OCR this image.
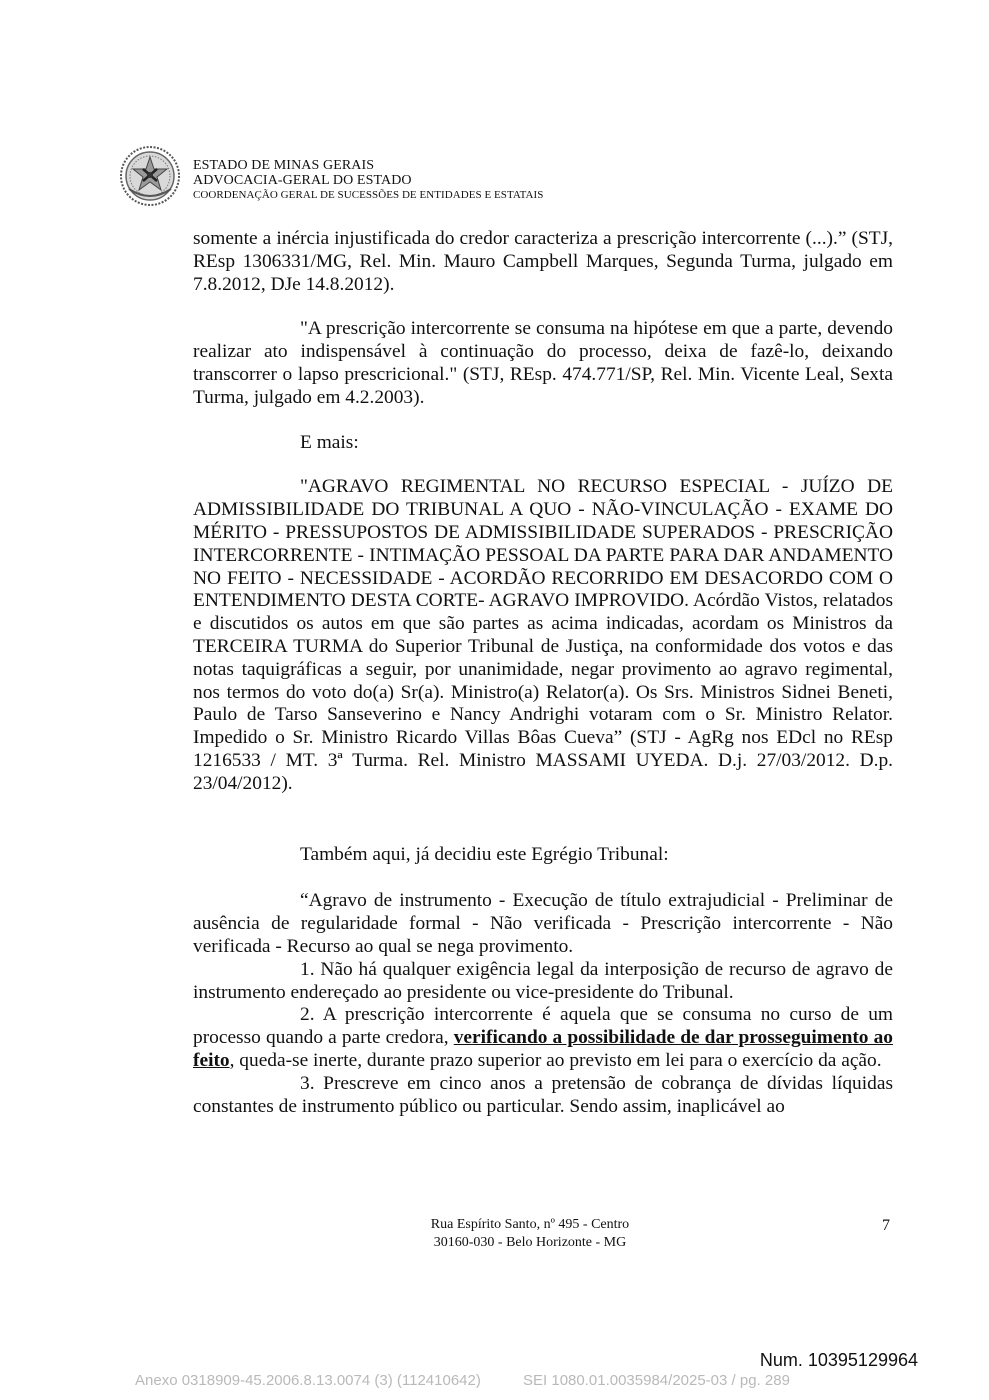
ESTADO DE MINAS GERAIS
ADVOCACIA-GERAL DO ESTADO
COORDENAÇÃO GERAL DE SUCESSÕES DE ENTIDADES E ESTATAIS

somente a inércia injustificada do credor caracteriza a prescrição intercorrente (...).” (STJ, REsp 1306331/MG, Rel. Min. Mauro Campbell Marques, Segunda Turma, julgado em 7.8.2012, DJe 14.8.2012).

"A prescrição intercorrente se consuma na hipótese em que a parte, devendo realizar ato indispensável à continuação do processo, deixa de fazê-lo, deixando transcorrer o lapso prescricional." (STJ, REsp. 474.771/SP, Rel. Min. Vicente Leal, Sexta Turma, julgado em 4.2.2003).

E mais:

"AGRAVO REGIMENTAL NO RECURSO ESPECIAL - JUÍZO DE ADMISSIBILIDADE DO TRIBUNAL A QUO - NÃO-VINCULAÇÃO - EXAME DO MÉRITO - PRESSUPOSTOS DE ADMISSIBILIDADE SUPERADOS - PRESCRIÇÃO INTERCORRENTE - INTIMAÇÃO PESSOAL DA PARTE PARA DAR ANDAMENTO NO FEITO - NECESSIDADE - ACORDÃO RECORRIDO EM DESACORDO COM O ENTENDIMENTO DESTA CORTE- AGRAVO IMPROVIDO. Acórdão Vistos, relatados e discutidos os autos em que são partes as acima indicadas, acordam os Ministros da TERCEIRA TURMA do Superior Tribunal de Justiça, na conformidade dos votos e das notas taquigráficas a seguir, por unanimidade, negar provimento ao agravo regimental, nos termos do voto do(a) Sr(a). Ministro(a) Relator(a). Os Srs. Ministros Sidnei Beneti, Paulo de Tarso Sanseverino e Nancy Andrighi votaram com o Sr. Ministro Relator. Impedido o Sr. Ministro Ricardo Villas Bôas Cueva” (STJ - AgRg nos EDcl no REsp 1216533 / MT. 3ª Turma. Rel. Ministro MASSAMI UYEDA. D.j. 27/03/2012. D.p. 23/04/2012).

Também aqui, já decidiu este Egrégio Tribunal:

“Agravo de instrumento - Execução de título extrajudicial - Preliminar de ausência de regularidade formal - Não verificada - Prescrição intercorrente - Não verificada - Recurso ao qual se nega provimento.

1. Não há qualquer exigência legal da interposição de recurso de agravo de instrumento endereçado ao presidente ou vice-presidente do Tribunal.

2. A prescrição intercorrente é aquela que se consuma no curso de um processo quando a parte credora, verificando a possibilidade de dar prosseguimento ao feito, queda-se inerte, durante prazo superior ao previsto em lei para o exercício da ação.

3. Prescreve em cinco anos a pretensão de cobrança de dívidas líquidas constantes de instrumento público ou particular. Sendo assim, inaplicável ao

Rua Espírito Santo, nº 495 - Centro
30160-030 - Belo Horizonte - MG
7
Num. 10395129964
Anexo 0318909-45.2006.8.13.0074 (3) (112410642)	SEI 1080.01.0035984/2025-03 / pg. 289
